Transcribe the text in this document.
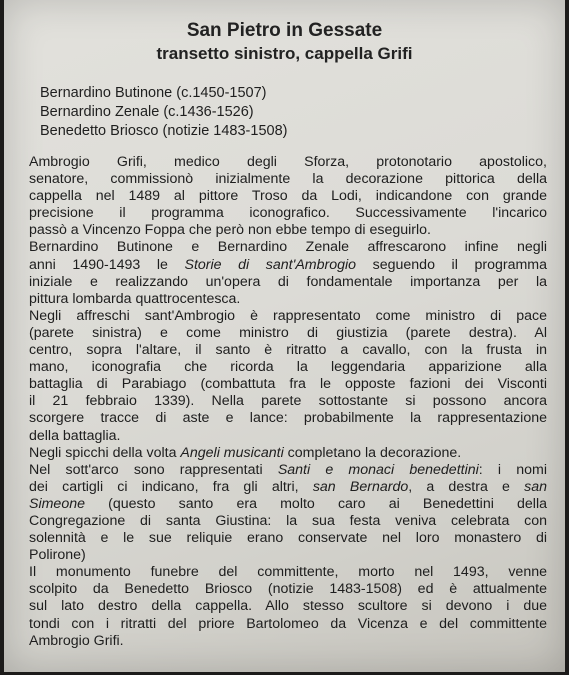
San Pietro in Gessate
transetto sinistro, cappella Grifi
Bernardino Butinone (c.1450-1507)
Bernardino Zenale (c.1436-1526)
Benedetto Briosco (notizie 1483-1508)
Ambrogio Grifi, medico degli Sforza, protonotario apostolico,
senatore, commissionò inizialmente la decorazione pittorica della
cappella nel 1489 al pittore Troso da Lodi, indicandone con grande
precisione il programma iconografico. Successivamente l'incarico
passò a Vincenzo Foppa che però non ebbe tempo di eseguirlo.
Bernardino Butinone e Bernardino Zenale affrescarono infine negli
anni 1490-1493 le Storie di sant'Ambrogio seguendo il programma
iniziale e realizzando un'opera di fondamentale importanza per la
pittura lombarda quattrocentesca.
Negli affreschi sant'Ambrogio è rappresentato come ministro di pace
(parete sinistra) e come ministro di giustizia (parete destra). Al
centro, sopra l'altare, il santo è ritratto a cavallo, con la frusta in
mano, iconografia che ricorda la leggendaria apparizione alla
battaglia di Parabiago (combattuta fra le opposte fazioni dei Visconti
il 21 febbraio 1339). Nella parete sottostante si possono ancora
scorgere tracce di aste e lance: probabilmente la rappresentazione
della battaglia.
Negli spicchi della volta Angeli musicanti completano la decorazione.
Nel sott'arco sono rappresentati Santi e monaci benedettini: i nomi
dei cartigli ci indicano, fra gli altri, san Bernardo, a destra e san
Simeone (questo santo era molto caro ai Benedettini della
Congregazione di santa Giustina: la sua festa veniva celebrata con
solennità e le sue reliquie erano conservate nel loro monastero di
Polirone)
Il monumento funebre del committente, morto nel 1493, venne
scolpito da Benedetto Briosco (notizie 1483-1508) ed è attualmente
sul lato destro della cappella. Allo stesso scultore si devono i due
tondi con i ritratti del priore Bartolomeo da Vicenza e del committente
Ambrogio Grifi.
